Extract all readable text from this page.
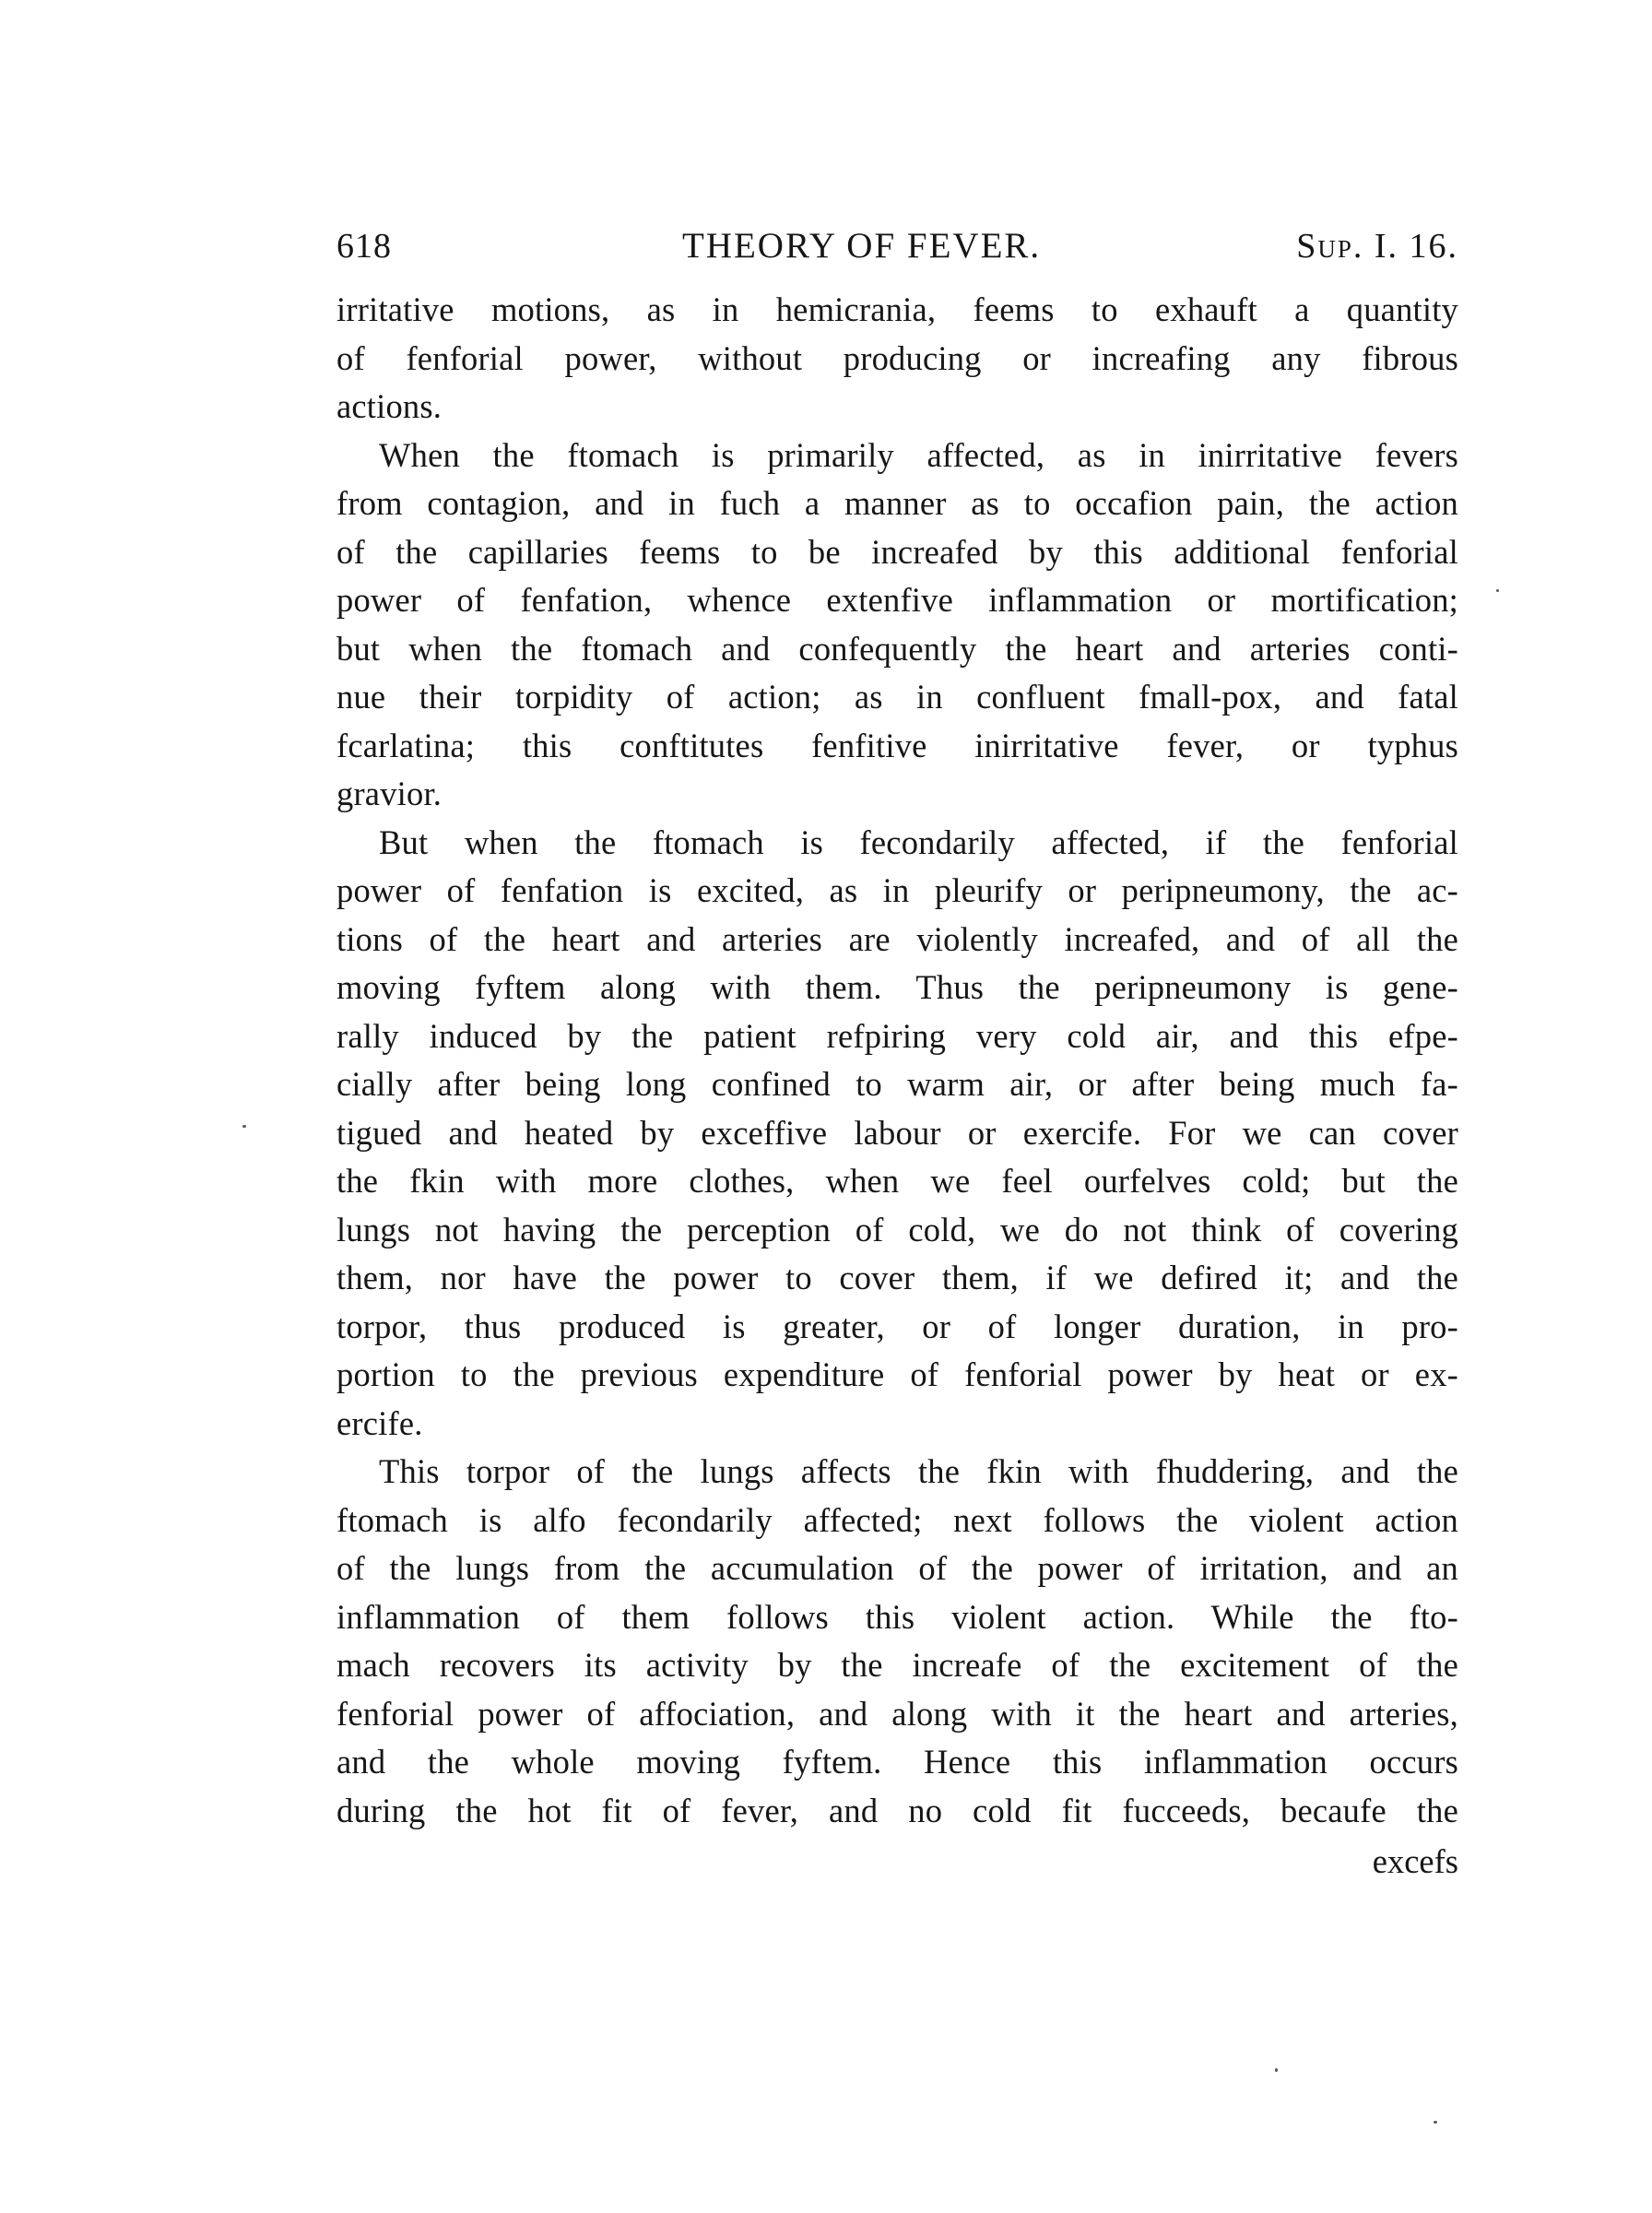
618	THEORY OF FEVER.	Sup. I. 16.
irritative motions, as in hemicrania, feems to exhauft a quantity
of fenforial power, without producing or increafing any fibrous
actions.
When the ftomach is primarily affected, as in inirritative fevers
from contagion, and in fuch a manner as to occafion pain, the action
of the capillaries feems to be increafed by this additional fenforial
power of fenfation, whence extenfive inflammation or mortification;
but when the ftomach and confequently the heart and arteries conti-
nue their torpidity of action; as in confluent fmall-pox, and fatal
fcarlatina; this conftitutes fenfitive inirritative fever, or typhus
gravior.
But when the ftomach is fecondarily affected, if the fenforial
power of fenfation is excited, as in pleurify or peripneumony, the ac-
tions of the heart and arteries are violently increafed, and of all the
moving fyftem along with them. Thus the peripneumony is gene-
rally induced by the patient refpiring very cold air, and this efpe-
cially after being long confined to warm air, or after being much fa-
tigued and heated by exceffive labour or exercife. For we can cover
the fkin with more clothes, when we feel ourfelves cold; but the
lungs not having the perception of cold, we do not think of covering
them, nor have the power to cover them, if we defired it; and the
torpor, thus produced is greater, or of longer duration, in pro-
portion to the previous expenditure of fenforial power by heat or ex-
ercife.
This torpor of the lungs affects the fkin with fhuddering, and the
ftomach is alfo fecondarily affected; next follows the violent action
of the lungs from the accumulation of the power of irritation, and an
inflammation of them follows this violent action. While the fto-
mach recovers its activity by the increafe of the excitement of the
fenforial power of affociation, and along with it the heart and arteries,
and the whole moving fyftem. Hence this inflammation occurs
during the hot fit of fever, and no cold fit fucceeds, becaufe the
excefs
